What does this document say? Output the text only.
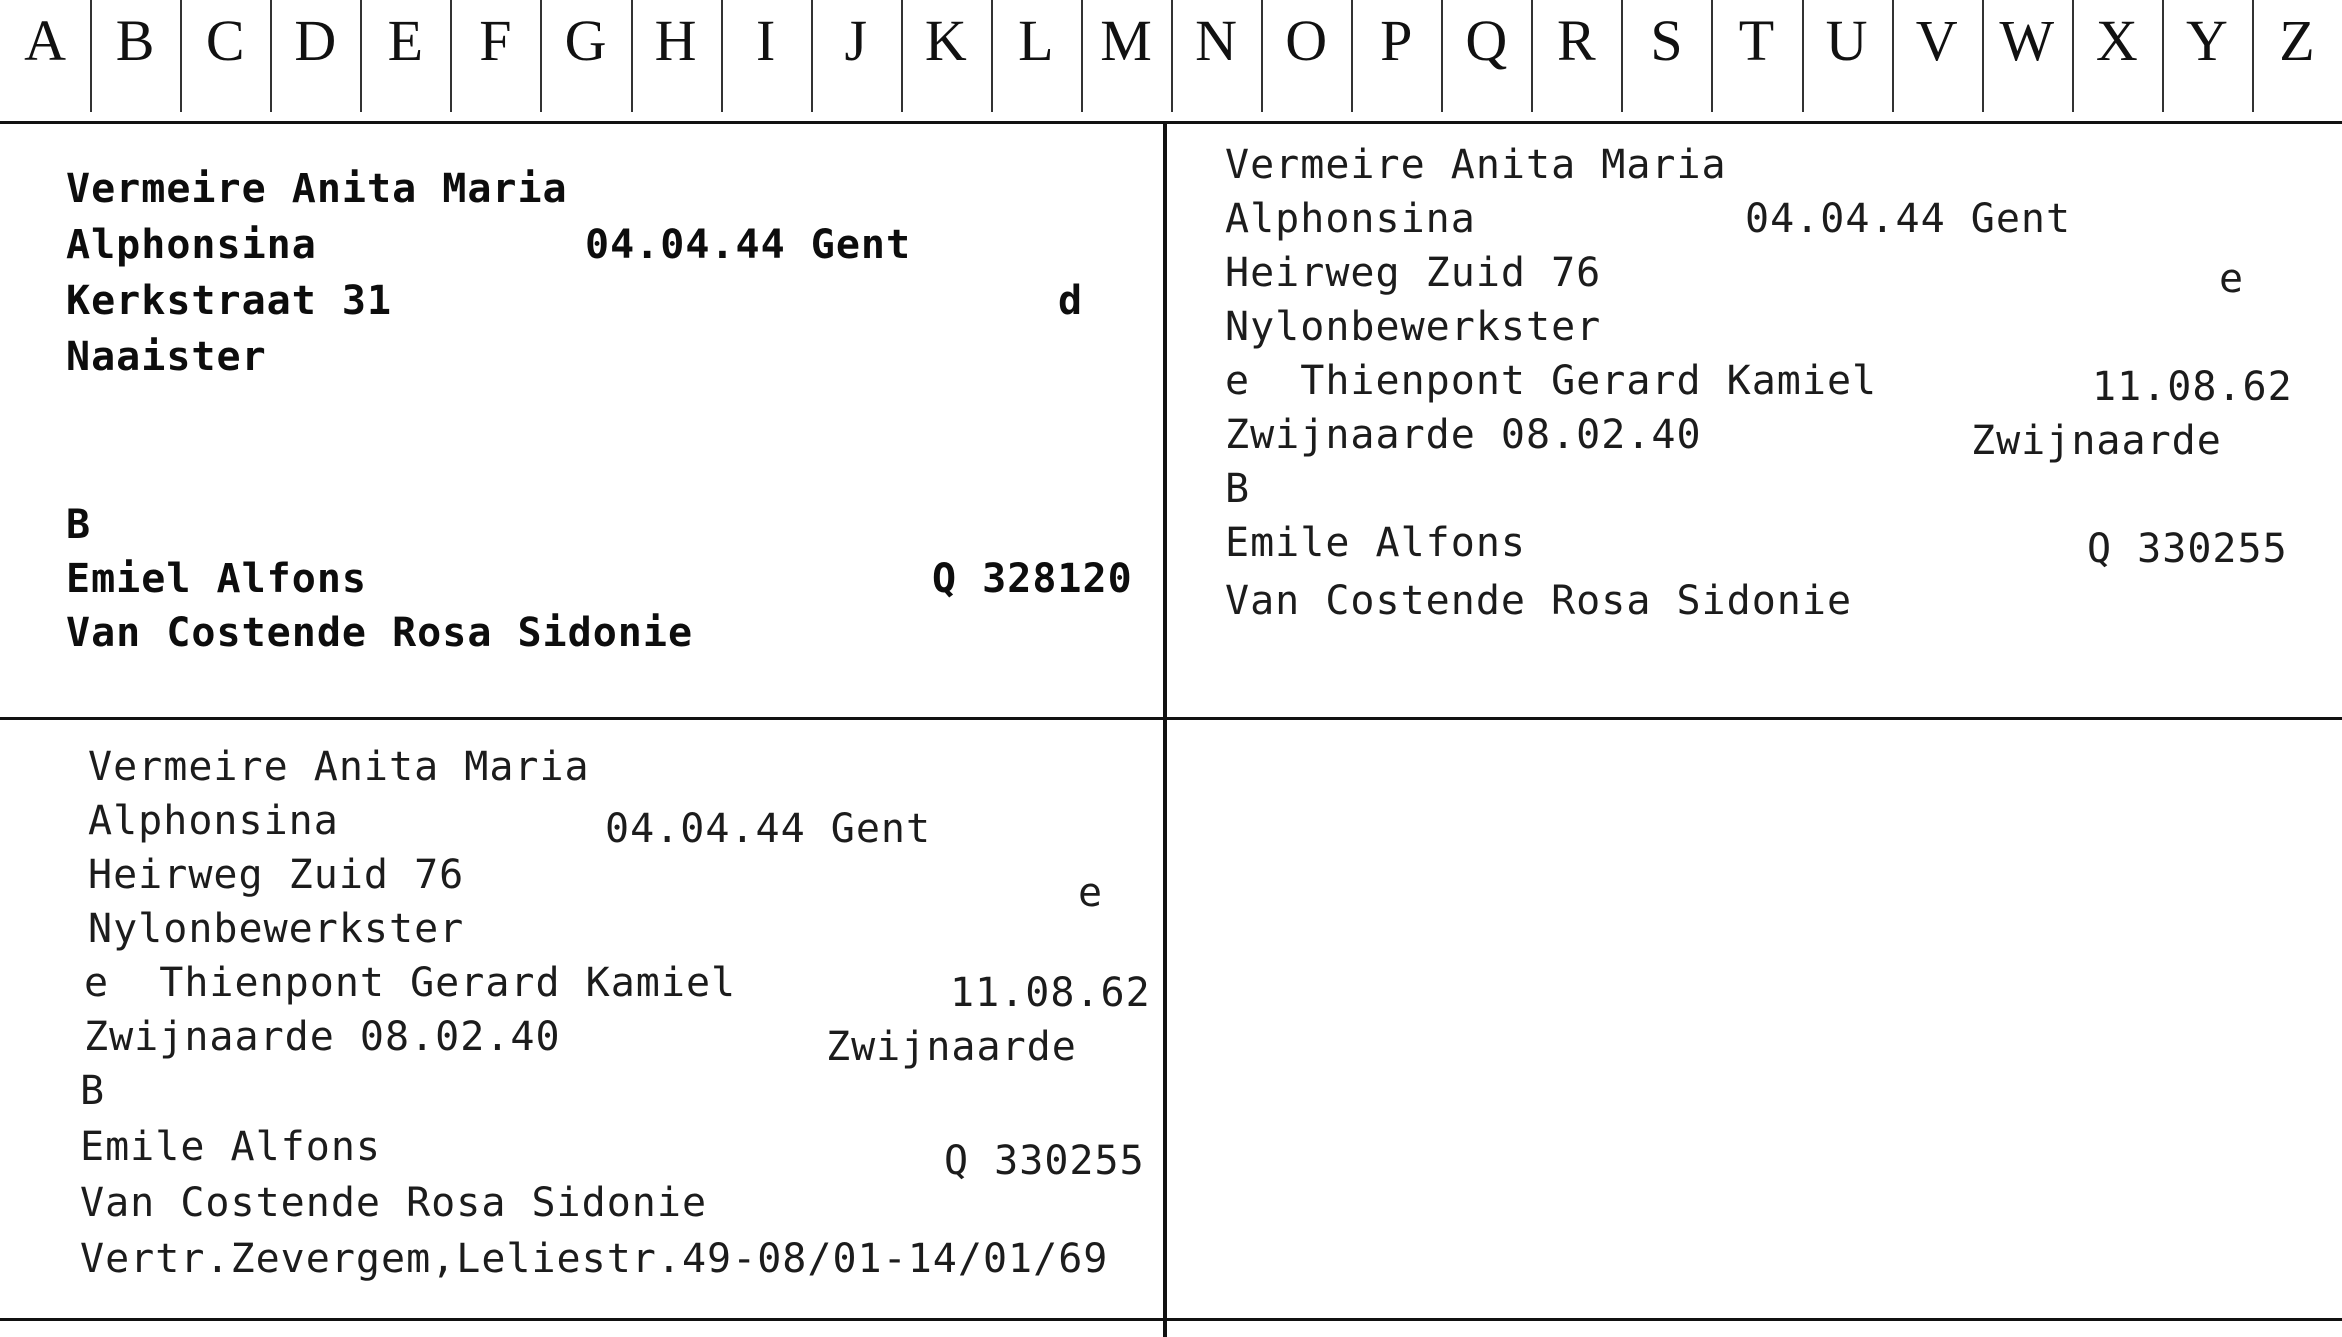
A B C D E F G H	I	J K L M N O P Q R S T U V W X Y Z
Vermeire Anita Maria
Alphonsina	04.04.44 Gent
Kerkstraat 31	d
Naaister
B
Emiel Alfons	Q 328120
Van Costende Rosa Sidonie
Vermeire Anita Maria
Alphonsina	04.04.44 Gent
Heirweg Zuid 76	e
Nylonbewerkster
e  Thienpont Gerard Kamiel	11.08.62
Zwijnaarde 08.02.40	Zwijnaarde
B
Emile Alfons	Q 330255
Van Costende Rosa Sidonie
Vermeire Anita Maria
Alphonsina	04.04.44 Gent
Heirweg Zuid 76	e
Nylonbewerkster
e  Thienpont Gerard Kamiel	11.08.62
Zwijnaarde 08.02.40	Zwijnaarde
B
Emile Alfons	Q 330255
Van Costende Rosa Sidonie
Vertr.Zevergem,Leliestr.49-08/01-14/01/69
